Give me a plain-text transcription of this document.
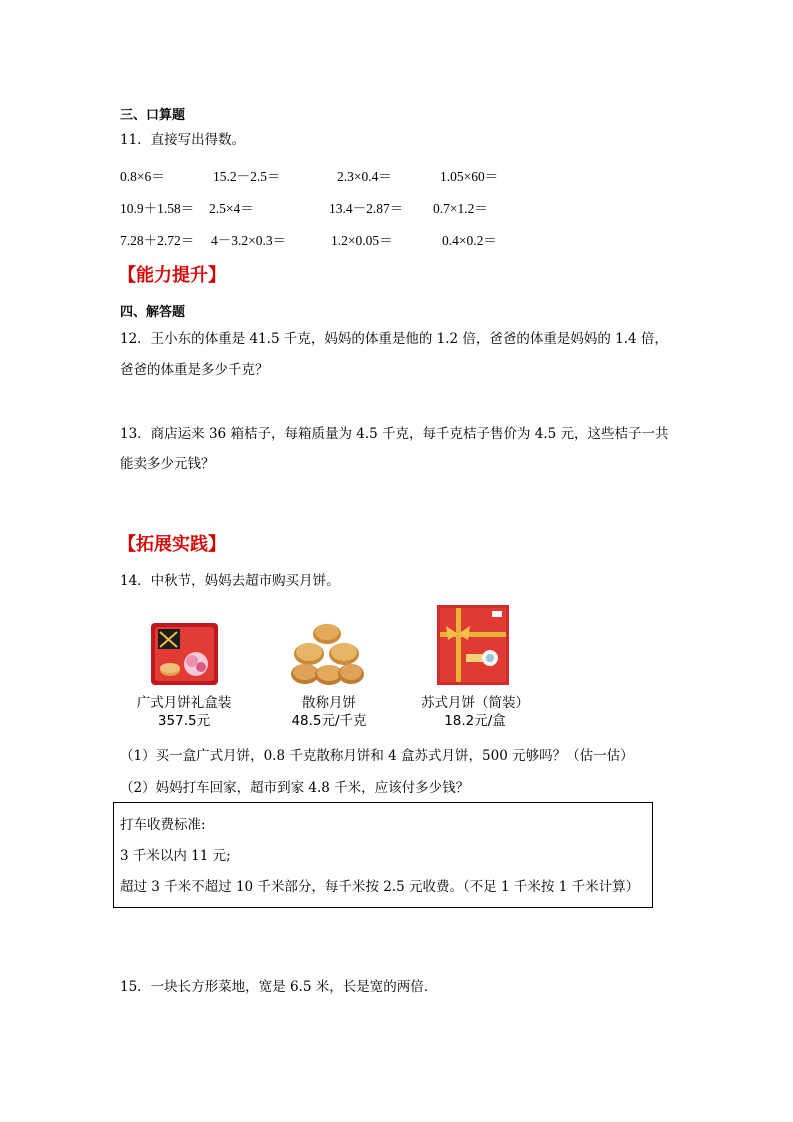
三、口算题
11．直接写出得数。
0.8×6＝	15.2－2.5＝	2.3×0.4＝	1.05×60＝
10.9＋1.58＝ 2.5×4＝	13.4－2.87＝ 0.7×1.2＝
7.28＋2.72＝ 4－3.2×0.3＝	1.2×0.05＝	0.4×0.2＝
【能力提升】
四、解答题
12．王小东的体重是 41.5 千克，妈妈的体重是他的 1.2 倍，爸爸的体重是妈妈的 1.4 倍，
爸爸的体重是多少千克？
13．商店运来 36 箱桔子，每箱质量为 4.5 千克，每千克桔子售价为 4.5 元，这些桔子一共
能卖多少元钱？
【拓展实践】
14．中秋节，妈妈去超市购买月饼。
广式月饼礼盒装
357.5元
散称月饼
48.5元/千克
苏式月饼（简装）
18.2元/盒
（1）买一盒广式月饼，0.8 千克散称月饼和 4 盒苏式月饼，500 元够吗？（估一估）
（2）妈妈打车回家，超市到家 4.8 千米，应该付多少钱？
打车收费标准:
3 千米以内 11 元;
超过 3 千米不超过 10 千米部分，每千米按 2.5 元收费。（不足 1 千米按 1 千米计算）
15．一块长方形菜地，宽是 6.5 米，长是宽的两倍．
